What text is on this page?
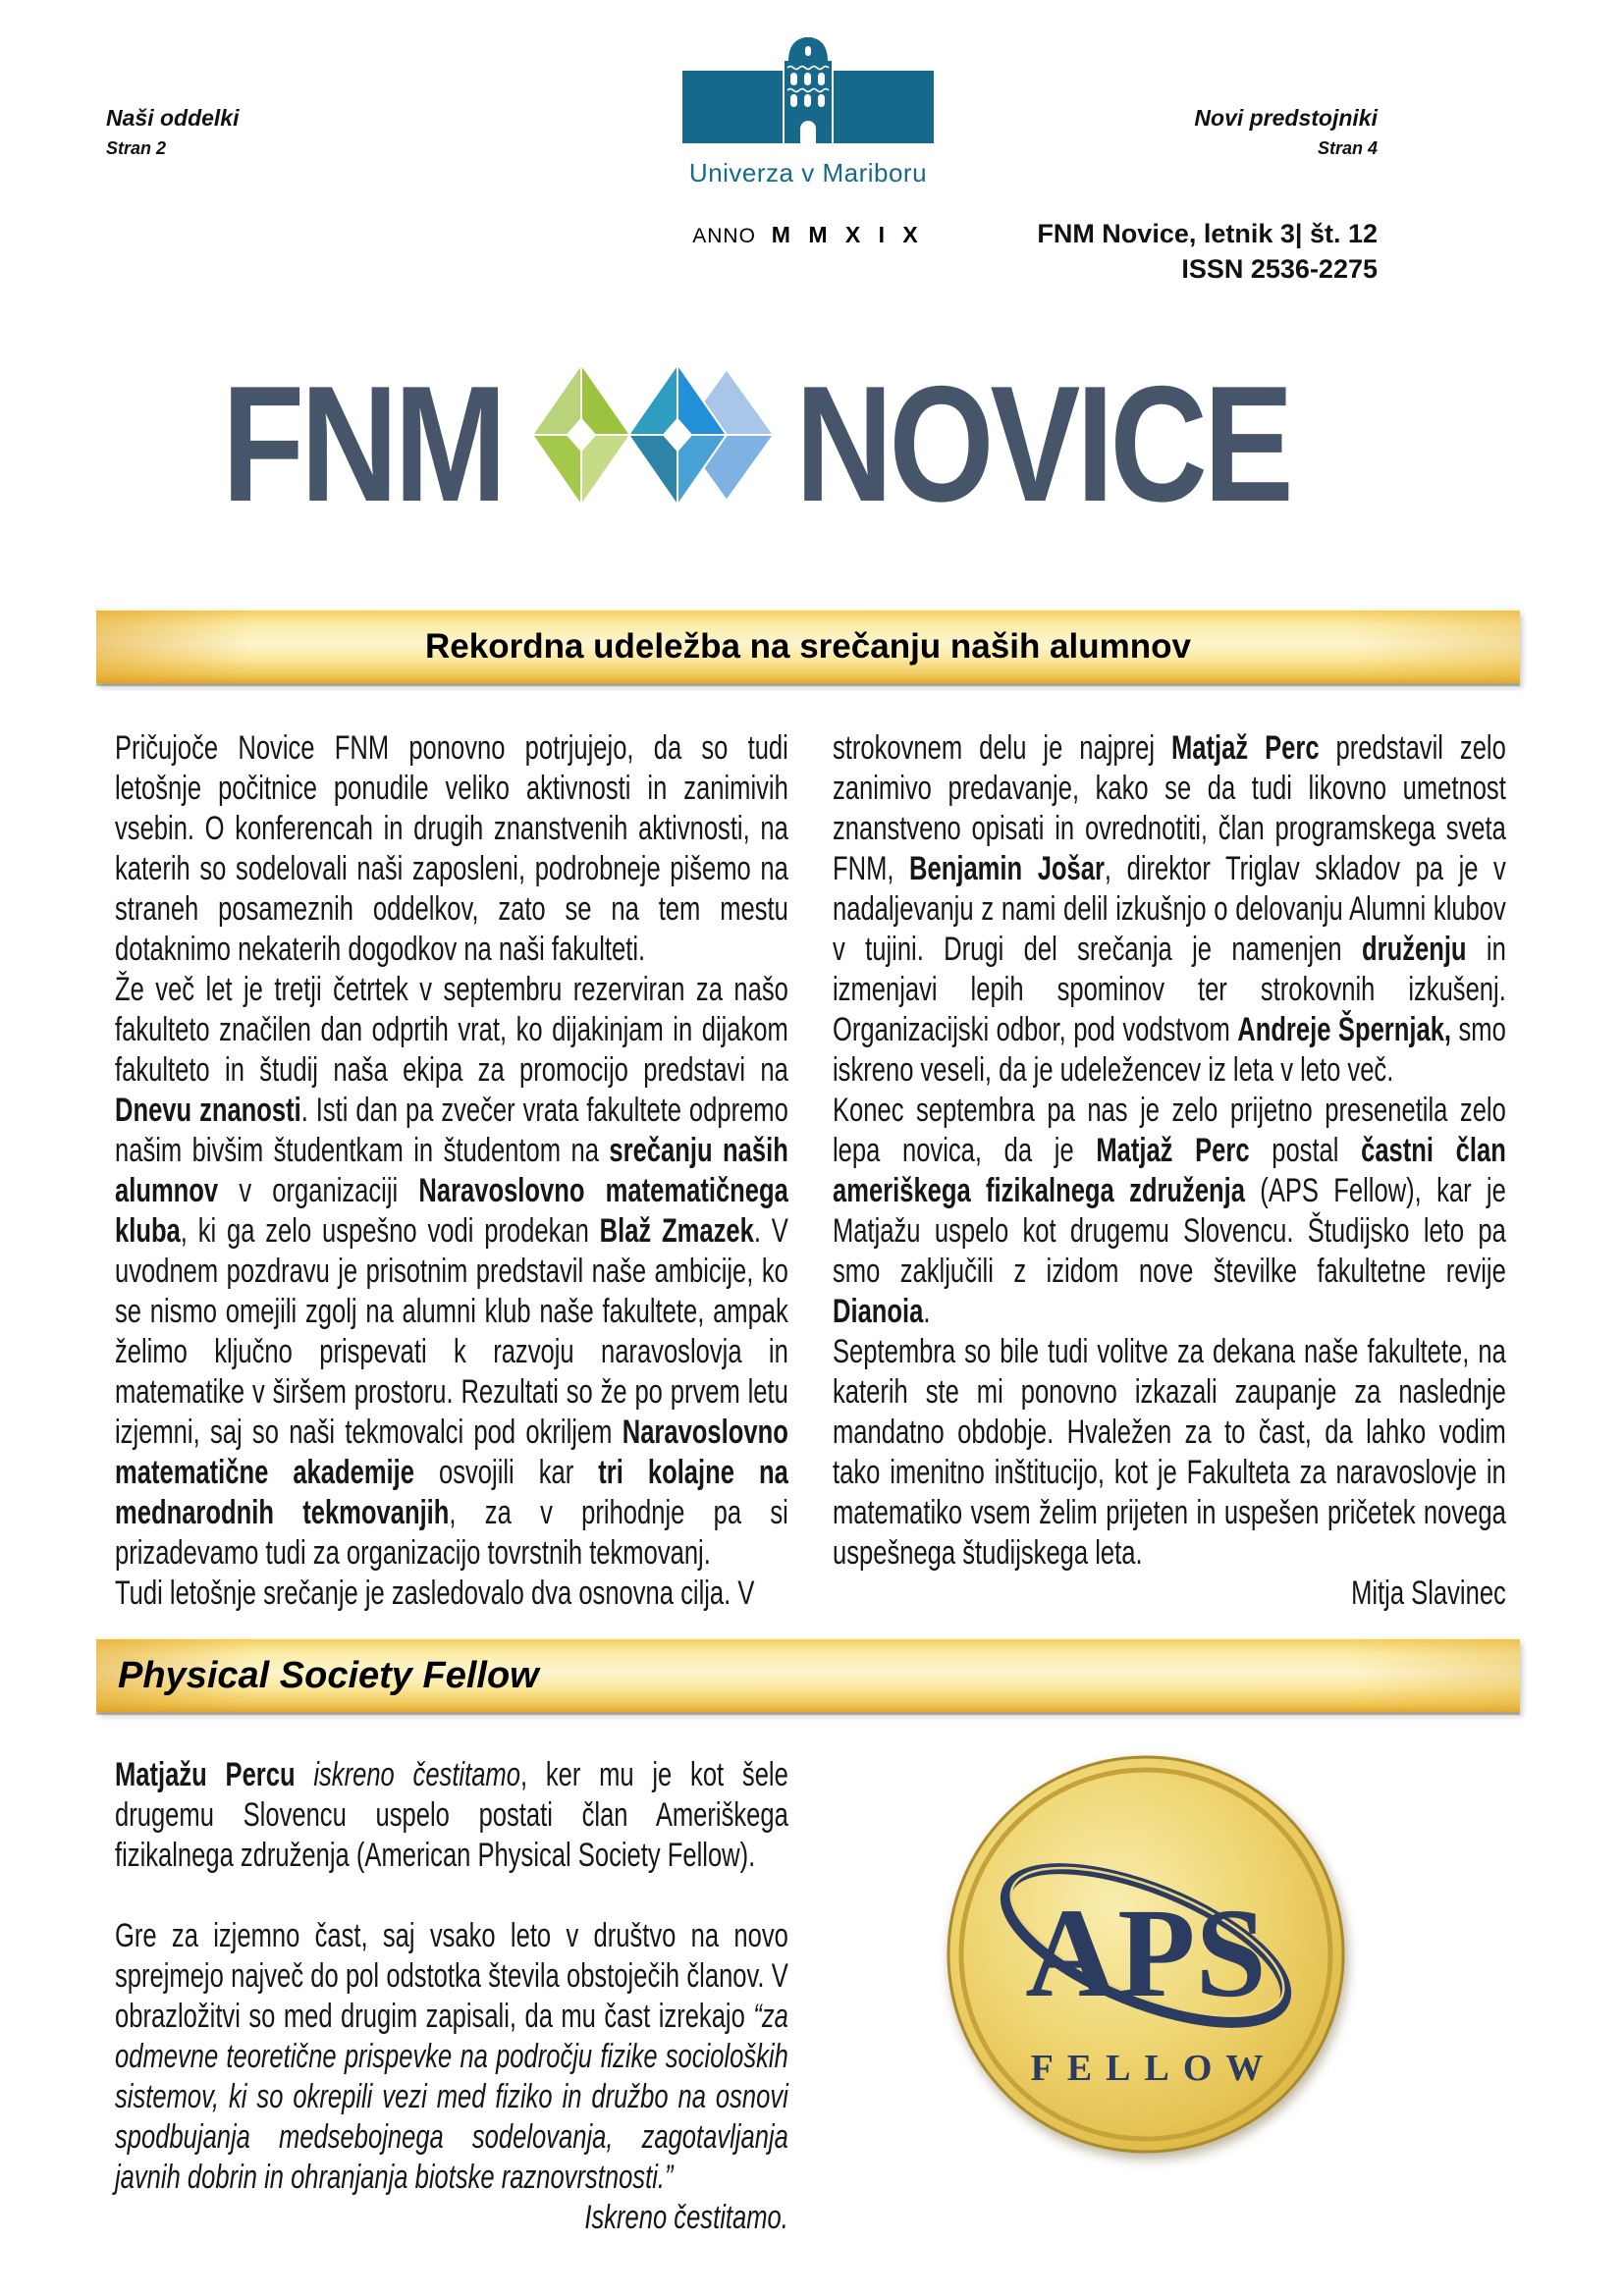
Naši oddelki
Stran 2
Novi predstojniki
Stran 4
Univerza v Mariboru
ANNO M M X I X	FNM Novice, letnik 3| št. 12
ISSN 2536-2275
FNM NOVICE
Rekordna udeležba na srečanju naših alumnov

Pričujoče Novice FNM ponovno potrjujejo, da so tudi letošnje počitnice ponudile veliko aktivnosti in zanimivih vsebin. O konferencah in drugih znanstvenih aktivnosti, na katerih so sodelovali naši zaposleni, podrobneje pišemo na straneh posameznih oddelkov, zato se na tem mestu dotaknimo nekaterih dogodkov na naši fakulteti.

Že več let je tretji četrtek v septembru rezerviran za našo fakulteto značilen dan odprtih vrat, ko dijakinjam in dijakom fakulteto in študij naša ekipa za promocijo predstavi na Dnevu znanosti. Isti dan pa zvečer vrata fakultete odpremo našim bivšim študentkam in študentom na srečanju naših alumnov v organizaciji Naravoslovno matematičnega kluba, ki ga zelo uspešno vodi prodekan Blaž Zmazek. V uvodnem pozdravu je prisotnim predstavil naše ambicije, ko se nismo omejili zgolj na alumni klub naše fakultete, ampak želimo ključno prispevati k razvoju naravoslovja in matematike v širšem prostoru. Rezultati so že po prvem letu izjemni, saj so naši tekmovalci pod okriljem Naravoslovno matematične akademije osvojili kar tri kolajne na mednarodnih tekmovanjih, za v prihodnje pa si prizadevamo tudi za organizacijo tovrstnih tekmovanj.

Tudi letošnje srečanje je zasledovalo dva osnovna cilja. V

strokovnem delu je najprej Matjaž Perc predstavil zelo zanimivo predavanje, kako se da tudi likovno umetnost znanstveno opisati in ovrednotiti, član programskega sveta FNM, Benjamin Jošar, direktor Triglav skladov pa je v nadaljevanju z nami delil izkušnjo o delovanju Alumni klubov v tujini. Drugi del srečanja je namenjen druženju in izmenjavi lepih spominov ter strokovnih izkušenj. Organizacijski odbor, pod vodstvom Andreje Špernjak, smo iskreno veseli, da je udeležencev iz leta v leto več.

Konec septembra pa nas je zelo prijetno presenetila zelo lepa novica, da je Matjaž Perc postal častni član ameriškega fizikalnega združenja (APS Fellow), kar je Matjažu uspelo kot drugemu Slovencu. Študijsko leto pa smo zaključili z izidom nove številke fakultetne revije Dianoia.

Septembra so bile tudi volitve za dekana naše fakultete, na katerih ste mi ponovno izkazali zaupanje za naslednje mandatno obdobje. Hvaležen za to čast, da lahko vodim tako imenitno inštitucijo, kot je Fakulteta za naravoslovje in matematiko vsem želim prijeten in uspešen pričetek novega uspešnega študijskega leta.

Mitja Slavinec

Physical Society Fellow

Matjažu Percu iskreno čestitamo, ker mu je kot šele drugemu Slovencu uspelo postati član Ameriškega fizikalnega združenja (American Physical Society Fellow).

Gre za izjemno čast, saj vsako leto v društvo na novo sprejmejo največ do pol odstotka števila obstoječih članov. V obrazložitvi so med drugim zapisali, da mu čast izrekajo “za odmevne teoretične prispevke na področju fizike socioloških sistemov, ki so okrepili vezi med fiziko in družbo na osnovi spodbujanja medsebojnega sodelovanja, zagotavljanja javnih dobrin in ohranjanja biotske raznovrstnosti.”

Iskreno čestitamo.

APS
FELLOW
